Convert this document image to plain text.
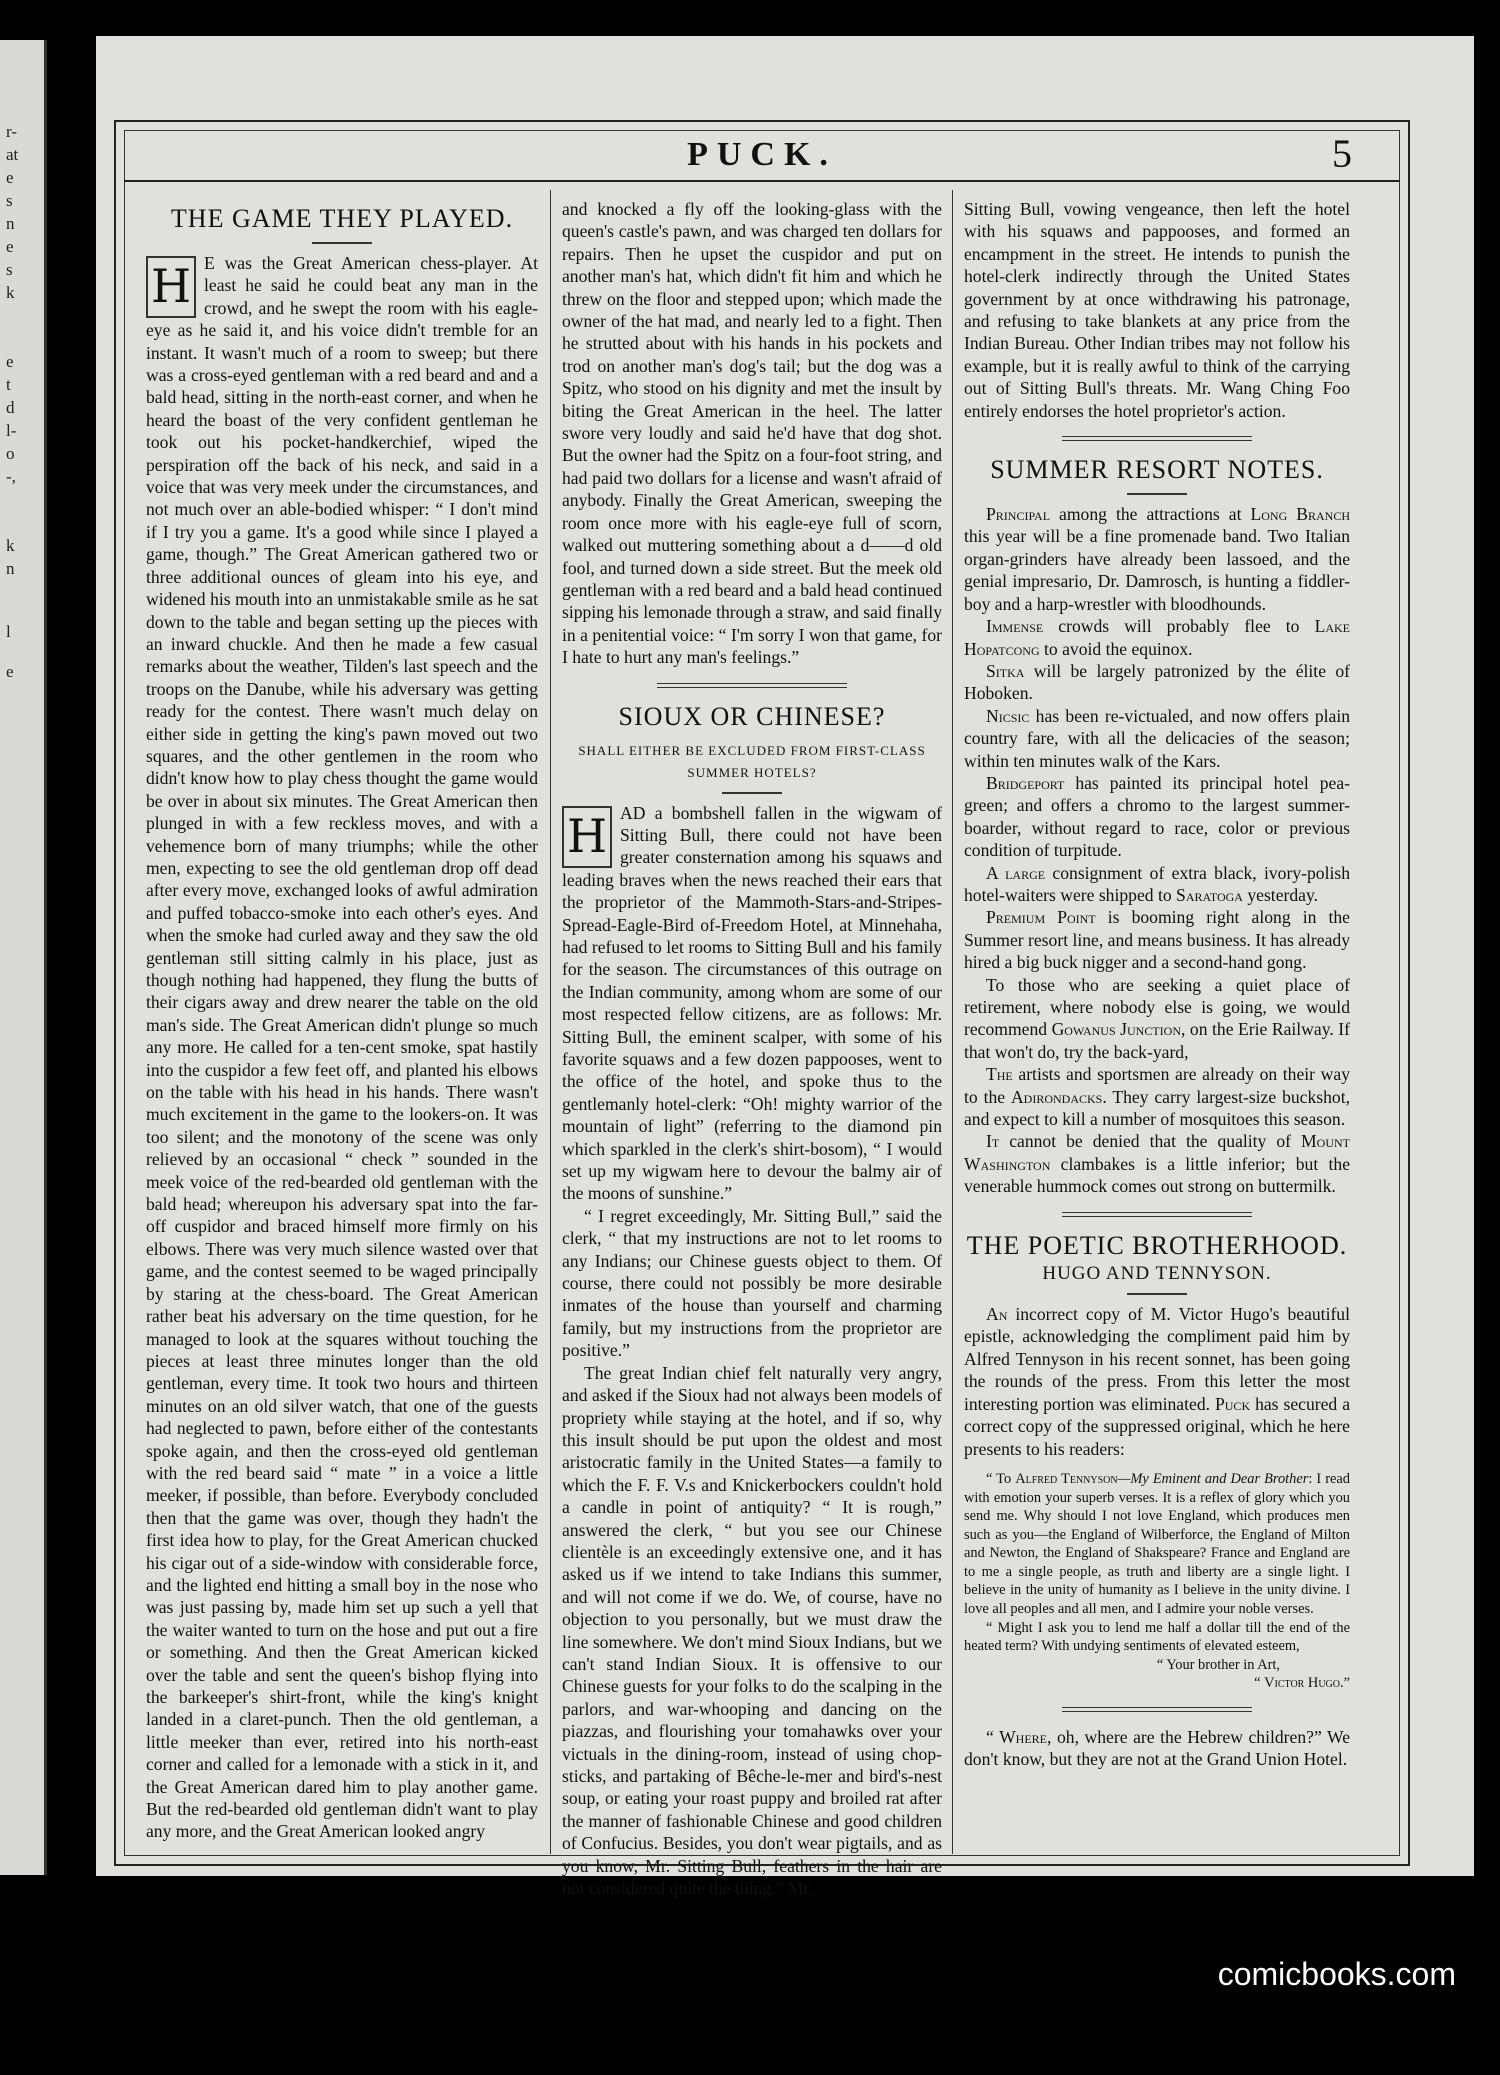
r-
at
e
s
n
e
s
k
e
t
d
l-
o
-,
k
n
l
e
PUCK.	5
THE GAME THEY PLAYED.

H E was the Great American chess-player. At least he said he could beat any man in the crowd, and he swept the room with his eagle-eye as he said it, and his voice didn't tremble for an instant. It wasn't much of a room to sweep; but there was a cross-eyed gentleman with a red beard and and a bald head, sitting in the north-east corner, and when he heard the boast of the very confident gentleman he took out his pocket-handkerchief, wiped the perspiration off the back of his neck, and said in a voice that was very meek under the circumstances, and not much over an able-bodied whisper: “ I don't mind if I try you a game. It's a good while since I played a game, though.” The Great American gathered two or three additional ounces of gleam into his eye, and widened his mouth into an unmistakable smile as he sat down to the table and began setting up the pieces with an inward chuckle. And then he made a few casual remarks about the weather, Tilden's last speech and the troops on the Danube, while his adversary was getting ready for the contest. There wasn't much delay on either side in getting the king's pawn moved out two squares, and the other gentlemen in the room who didn't know how to play chess thought the game would be over in about six minutes. The Great American then plunged in with a few reckless moves, and with a vehemence born of many triumphs; while the other men, expecting to see the old gentleman drop off dead after every move, exchanged looks of awful admiration and puffed tobacco-smoke into each other's eyes. And when the smoke had curled away and they saw the old gentleman still sitting calmly in his place, just as though nothing had happened, they flung the butts of their cigars away and drew nearer the table on the old man's side. The Great American didn't plunge so much any more. He called for a ten-cent smoke, spat hastily into the cuspidor a few feet off, and planted his elbows on the table with his head in his hands. There wasn't much excitement in the game to the lookers-on. It was too silent; and the monotony of the scene was only relieved by an occasional “ check ” sounded in the meek voice of the red-bearded old gentleman with the bald head; whereupon his adversary spat into the far-off cuspidor and braced himself more firmly on his elbows. There was very much silence wasted over that game, and the contest seemed to be waged principally by staring at the chess-board. The Great American rather beat his adversary on the time question, for he managed to look at the squares without touching the pieces at least three minutes longer than the old gentleman, every time. It took two hours and thirteen minutes on an old silver watch, that one of the guests had neglected to pawn, before either of the contestants spoke again, and then the cross-eyed old gentleman with the red beard said “ mate ” in a voice a little meeker, if possible, than before. Everybody concluded then that the game was over, though they hadn't the first idea how to play, for the Great American chucked his cigar out of a side-window with considerable force, and the lighted end hitting a small boy in the nose who was just passing by, made him set up such a yell that the waiter wanted to turn on the hose and put out a fire or something. And then the Great American kicked over the table and sent the queen's bishop flying into the barkeeper's shirt-front, while the king's knight landed in a claret-punch. Then the old gentleman, a little meeker than ever, retired into his north-east corner and called for a lemonade with a stick in it, and the Great American dared him to play another game. But the red-bearded old gentleman didn't want to play any more, and the Great American looked angry

and knocked a fly off the looking-glass with the queen's castle's pawn, and was charged ten dollars for repairs. Then he upset the cuspidor and put on another man's hat, which didn't fit him and which he threw on the floor and stepped upon; which made the owner of the hat mad, and nearly led to a fight. Then he strutted about with his hands in his pockets and trod on another man's dog's tail; but the dog was a Spitz, who stood on his dignity and met the insult by biting the Great American in the heel. The latter swore very loudly and said he'd have that dog shot. But the owner had the Spitz on a four-foot string, and had paid two dollars for a license and wasn't afraid of anybody. Finally the Great American, sweeping the room once more with his eagle-eye full of scorn, walked out muttering something about a d——d old fool, and turned down a side street. But the meek old gentleman with a red beard and a bald head continued sipping his lemonade through a straw, and said finally in a penitential voice: “ I'm sorry I won that game, for I hate to hurt any man's feelings.”

SIOUX OR CHINESE?
SHALL EITHER BE EXCLUDED FROM FIRST-CLASS
SUMMER HOTELS?

H AD a bombshell fallen in the wigwam of Sitting Bull, there could not have been greater consternation among his squaws and leading braves when the news reached their ears that the proprietor of the Mammoth-Stars-and-Stripes-Spread-Eagle-Bird of-Freedom Hotel, at Minnehaha, had refused to let rooms to Sitting Bull and his family for the season. The circumstances of this outrage on the Indian community, among whom are some of our most respected fellow citizens, are as follows: Mr. Sitting Bull, the eminent scalper, with some of his favorite squaws and a few dozen pappooses, went to the office of the hotel, and spoke thus to the gentlemanly hotel-clerk: “Oh! mighty warrior of the mountain of light” (referring to the diamond pin which sparkled in the clerk's shirt-bosom), “ I would set up my wigwam here to devour the balmy air of the moons of sunshine.”

“ I regret exceedingly, Mr. Sitting Bull,” said the clerk, “ that my instructions are not to let rooms to any Indians; our Chinese guests object to them. Of course, there could not possibly be more desirable inmates of the house than yourself and charming family, but my instructions from the proprietor are positive.”

The great Indian chief felt naturally very angry, and asked if the Sioux had not always been models of propriety while staying at the hotel, and if so, why this insult should be put upon the oldest and most aristocratic family in the United States—a family to which the F. F. V.s and Knickerbockers couldn't hold a candle in point of antiquity? “ It is rough,” answered the clerk, “ but you see our Chinese clientèle is an exceedingly extensive one, and it has asked us if we intend to take Indians this summer, and will not come if we do. We, of course, have no objection to you personally, but we must draw the line somewhere. We don't mind Sioux Indians, but we can't stand Indian Sioux. It is offensive to our Chinese guests for your folks to do the scalping in the parlors, and war-whooping and dancing on the piazzas, and flourishing your tomahawks over your victuals in the dining-room, instead of using chop-sticks, and partaking of Bêche-le-mer and bird's-nest soup, or eating your roast puppy and broiled rat after the manner of fashionable Chinese and good children of Confucius. Besides, you don't wear pigtails, and as you know, Mr. Sitting Bull, feathers in the hair are not considered quite the thing.” Mr.

Sitting Bull, vowing vengeance, then left the hotel with his squaws and pappooses, and formed an encampment in the street. He intends to punish the hotel-clerk indirectly through the United States government by at once withdrawing his patronage, and refusing to take blankets at any price from the Indian Bureau. Other Indian tribes may not follow his example, but it is really awful to think of the carrying out of Sitting Bull's threats. Mr. Wang Ching Foo entirely endorses the hotel proprietor's action.

SUMMER RESORT NOTES.

Principal among the attractions at Long Branch this year will be a fine promenade band. Two Italian organ-grinders have already been lassoed, and the genial impresario, Dr. Damrosch, is hunting a fiddler-boy and a harp-wrestler with bloodhounds.

Immense crowds will probably flee to Lake Hopatcong to avoid the equinox.

Sitka will be largely patronized by the élite of Hoboken.

Nicsic has been re-victualed, and now offers plain country fare, with all the delicacies of the season; within ten minutes walk of the Kars.

Bridgeport has painted its principal hotel pea-green; and offers a chromo to the largest summer-boarder, without regard to race, color or previous condition of turpitude.

A large consignment of extra black, ivory-polish hotel-waiters were shipped to Saratoga yesterday.

Premium Point is booming right along in the Summer resort line, and means business. It has already hired a big buck nigger and a second-hand gong.

To those who are seeking a quiet place of retirement, where nobody else is going, we would recommend Gowanus Junction, on the Erie Railway. If that won't do, try the back-yard,

The artists and sportsmen are already on their way to the Adirondacks. They carry largest-size buckshot, and expect to kill a number of mosquitoes this season.

It cannot be denied that the quality of Mount Washington clambakes is a little inferior; but the venerable hummock comes out strong on buttermilk.

THE POETIC BROTHERHOOD.
HUGO AND TENNYSON.

An incorrect copy of M. Victor Hugo's beautiful epistle, acknowledging the compliment paid him by Alfred Tennyson in his recent sonnet, has been going the rounds of the press. From this letter the most interesting portion was eliminated. Puck has secured a correct copy of the suppressed original, which he here presents to his readers:

“ To Alfred Tennyson—My Eminent and Dear Brother: I read with emotion your superb verses. It is a reflex of glory which you send me. Why should I not love England, which produces men such as you—the England of Wilberforce, the England of Milton and Newton, the England of Shakspeare? France and England are to me a single people, as truth and liberty are a single light. I believe in the unity of humanity as I believe in the unity divine. I love all peoples and all men, and I admire your noble verses.

“ Might I ask you to lend me half a dollar till the end of the heated term? With undying sentiments of elevated esteem,

“ Your brother in Art,

“ Victor Hugo.”

“ Where, oh, where are the Hebrew children?” We don't know, but they are not at the Grand Union Hotel.

comicbooks.com
